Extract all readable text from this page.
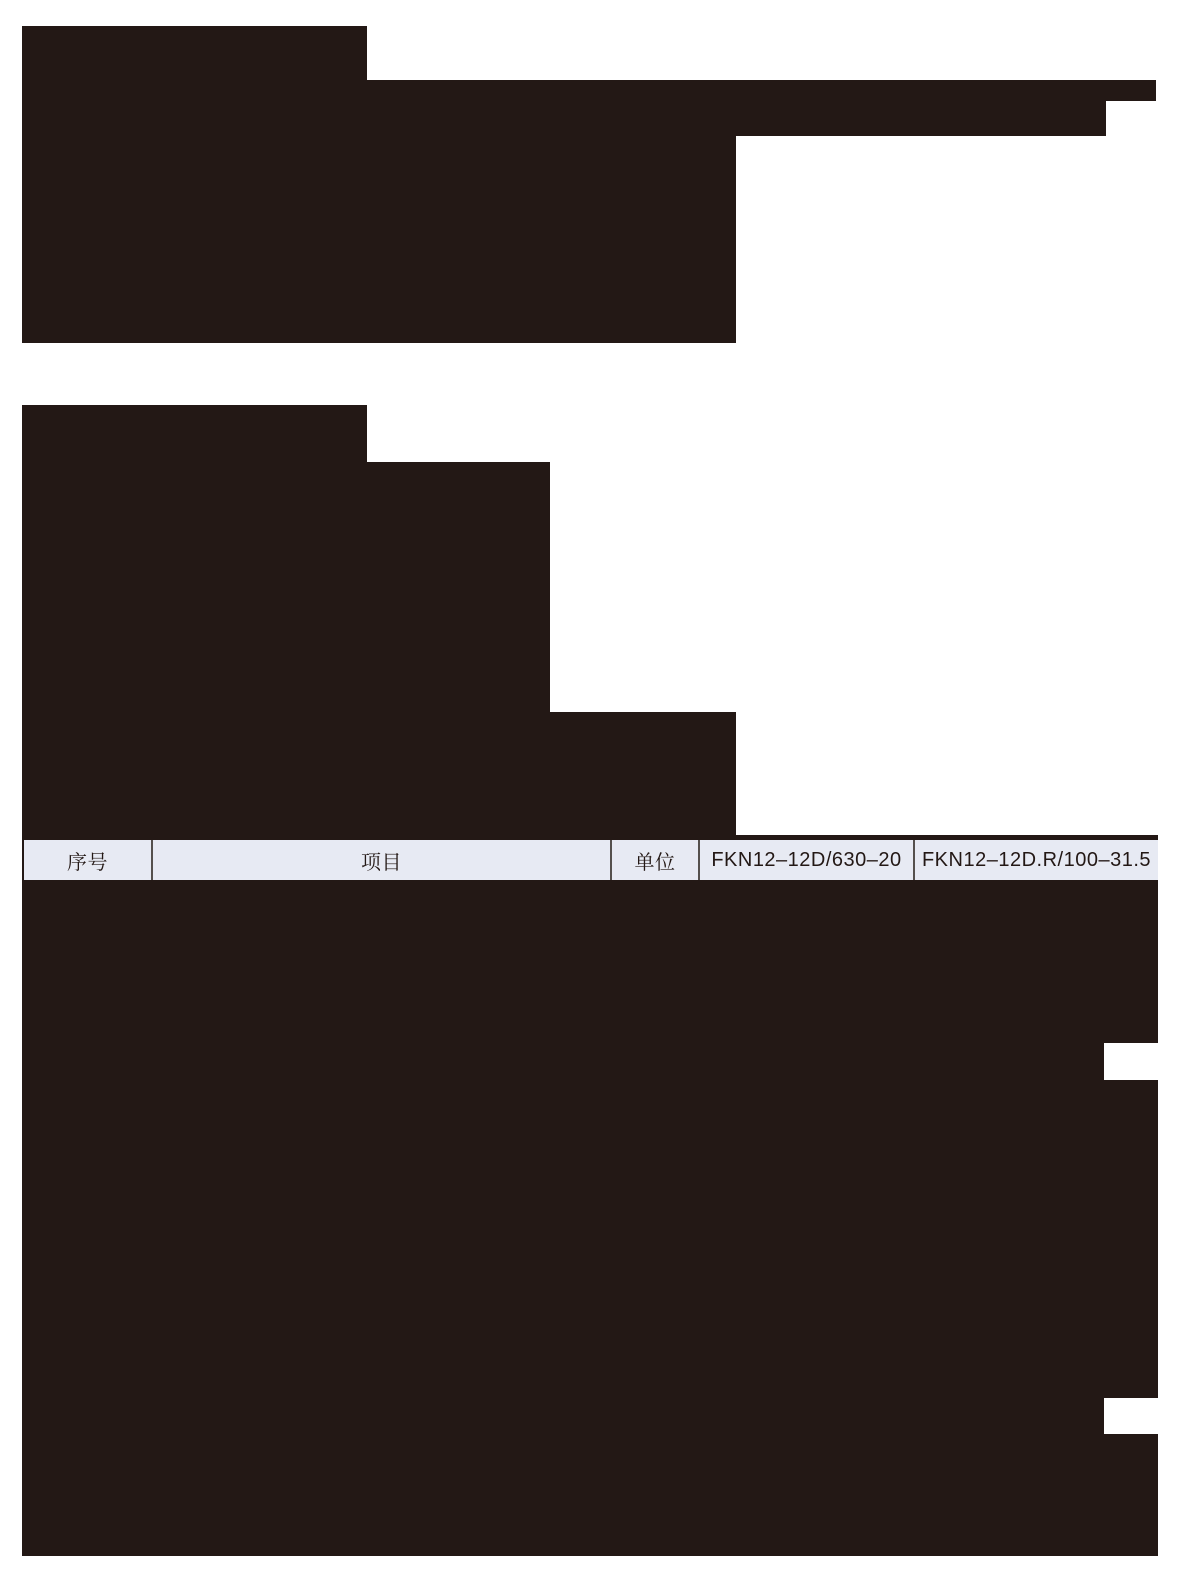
序号	项目	单位	FKN12–12D/630–20	FKN12–12D.R/100–31.5
